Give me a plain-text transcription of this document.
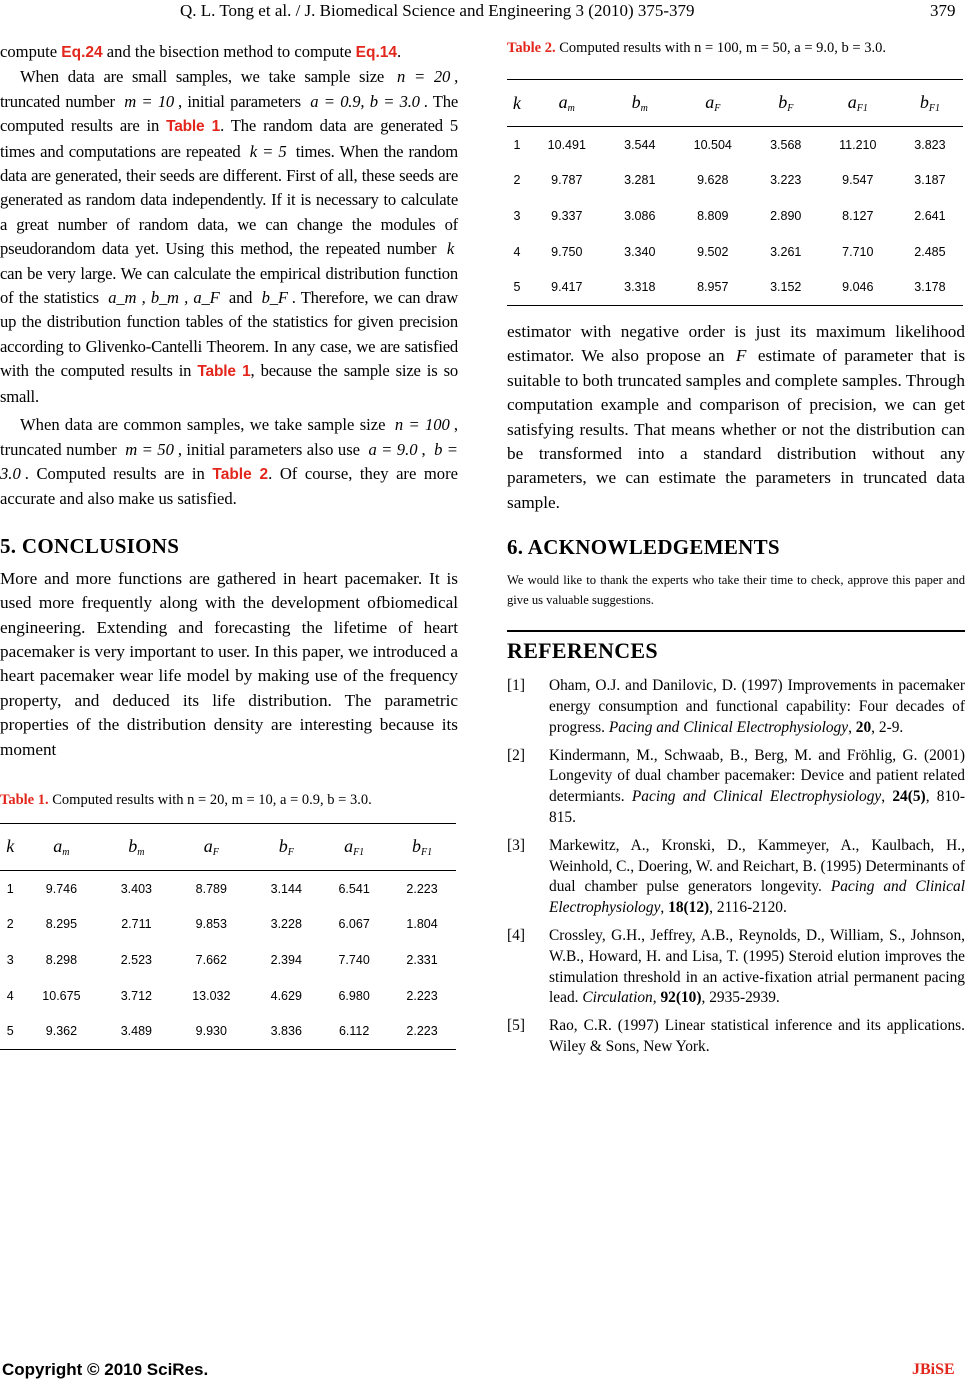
Q. L. Tong et al. / J. Biomedical Science and Engineering 3 (2010) 375-379	379

compute Eq.24 and the bisection method to compute Eq.14.

When data are small samples, we take sample size n = 20 , truncated number m = 10 , initial parameters a = 0.9, b = 3.0 . The computed results are in Table 1. The random data are generated 5 times and computations are repeated k = 5 times. When the random data are generated, their seeds are different. First of all, these seeds are generated as random data independently. If it is necessary to calculate a great number of random data, we can change the modules of pseudorandom data yet. Using this method, the repeated number k can be very large. We can calculate the empirical distribution function of the statistics a_m , b_m , a_F and b_F . Therefore, we can draw up the distribution function tables of the statistics for given precision according to Glivenko-Cantelli Theorem. In any case, we are satisfied with the computed results in Table 1, because the sample size is so small.

When data are common samples, we take sample size n = 100 , truncated number m = 50 , initial parameters also use a = 9.0 , b = 3.0 . Computed results are in Table 2. Of course, they are more accurate and also make us satisfied.

5. CONCLUSIONS

More and more functions are gathered in heart pacemaker. It is used more frequently along with the development ofbiomedical engineering. Extending and forecasting the lifetime of heart pacemaker is very important to user. In this paper, we introduced a heart pacemaker wear life model by making use of the frequency property, and deduced its life distribution. The parametric properties of the distribution density are interesting because its moment

Table 1. Computed results with n = 20, m = 10, a = 0.9, b = 3.0.

k	$a_m$	$b_m$	$a_F$	$b_F$	$a_{F1}$	$b_{F1}$
1	9.746	3.403	8.789	3.144	6.541	2.223
2	8.295	2.711	9.853	3.228	6.067	1.804
3	8.298	2.523	7.662	2.394	7.740	2.331
4	10.675	3.712	13.032	4.629	6.980	2.223
5	9.362	3.489	9.930	3.836	6.112	2.223

Table 2. Computed results with n = 100, m = 50, a = 9.0, b = 3.0.

k	$a_m$	$b_m$	$a_F$	$b_F$	$a_{F1}$	$b_{F1}$
1	10.491	3.544	10.504	3.568	11.210	3.823
2	9.787	3.281	9.628	3.223	9.547	3.187
3	9.337	3.086	8.809	2.890	8.127	2.641
4	9.750	3.340	9.502	3.261	7.710	2.485
5	9.417	3.318	8.957	3.152	9.046	3.178

estimator with negative order is just its maximum likelihood estimator. We also propose an F estimate of parameter that is suitable to both truncated samples and complete samples. Through computation example and comparison of precision, we can get satisfying results. That means whether or not the distribution can be transformed into a standard distribution without any parameters, we can estimate the parameters in truncated data sample.

6. ACKNOWLEDGEMENTS

We would like to thank the experts who take their time to check, approve this paper and give us valuable suggestions.

REFERENCES
[1] Oham, O.J. and Danilovic, D. (1997) Improvements in pacemaker energy consumption and functional capability: Four decades of progress. Pacing and Clinical Electrophysiology, 20, 2-9.
[2] Kindermann, M., Schwaab, B., Berg, M. and Fröhlig, G. (2001) Longevity of dual chamber pacemaker: Device and patient related determiants. Pacing and Clinical Electrophysiology, 24(5), 810-815.
[3] Markewitz, A., Kronski, D., Kammeyer, A., Kaulbach, H., Weinhold, C., Doering, W. and Reichart, B. (1995) Determinants of dual chamber pulse generators longevity. Pacing and Clinical Electrophysiology, 18(12), 2116-2120.
[4] Crossley, G.H., Jeffrey, A.B., Reynolds, D., William, S., Johnson, W.B., Howard, H. and Lisa, T. (1995) Steroid elution improves the stimulation threshold in an active-fixation atrial permanent pacing lead. Circulation, 92(10), 2935-2939.
[5] Rao, C.R. (1997) Linear statistical inference and its applications. Wiley & Sons, New York.
Copyright © 2010 SciRes.	JBiSE
